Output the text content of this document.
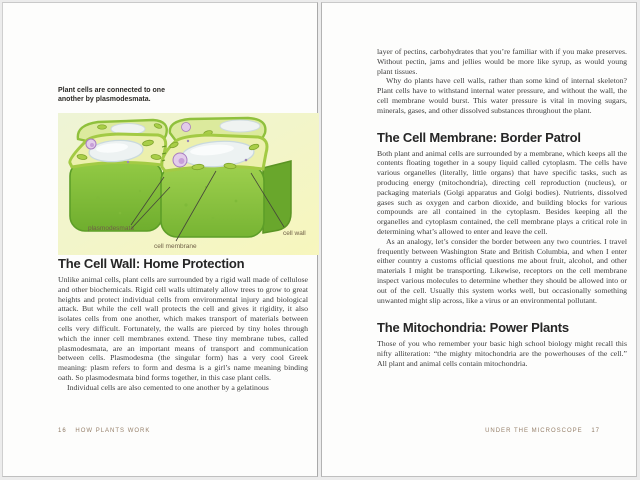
Plant cells are connected to one another by plasmodesmata.
plasmodesmata
cell membrane
cell wall
The Cell Wall: Home Protection

Unlike animal cells, plant cells are surrounded by a rigid wall made of cellulose and other biochemicals. Rigid cell walls ultimately allow trees to grow to great heights and protect individual cells from environmental injury and biological attack. But while the cell wall protects the cell and gives it rigidity, it also isolates cells from one another, which makes transport of materials between cells very difficult. Fortunately, the walls are pierced by tiny holes through which the inner cell membranes extend. These tiny membrane tubes, called plasmodesmata, are an important means of transport and communication between cells. Plasmodesma (the singular form) has a very cool Greek meaning: plasm refers to form and desma is a girl’s name meaning binding oath. So plasmodesmata bind forms together, in this case plant cells.

Individual cells are also cemented to one another by a gelatinous

16 HOW PLANTS WORK

layer of pectins, carbohydrates that you’re familiar with if you make preserves. Without pectin, jams and jellies would be more like syrup, as would young plant tissues.

Why do plants have cell walls, rather than some kind of internal skeleton? Plant cells have to withstand internal water pressure, and without the wall, the cell membrane would burst. This water pressure is vital in moving sugars, minerals, gases, and other dissolved substances throughout the plant.

The Cell Membrane: Border Patrol

Both plant and animal cells are surrounded by a membrane, which keeps all the contents floating together in a soupy liquid called cytoplasm. The cells have various organelles (literally, little organs) that have specific tasks, such as producing energy (mitochondria), directing cell reproduction (nucleus), or packaging materials (Golgi apparatus and Golgi bodies). Nutrients, dissolved gases such as oxygen and carbon dioxide, and building blocks for various compounds are all contained in the cytoplasm. Besides keeping all the organelles and cytoplasm contained, the cell membrane plays a critical role in determining what’s allowed to enter and leave the cell.

As an analogy, let’s consider the border between any two countries. I travel frequently between Washington State and British Columbia, and when I enter either country a customs official questions me about fruit, alcohol, and other materials I might be transporting. Likewise, receptors on the cell membrane inspect various molecules to determine whether they should be allowed into or out of the cell. Usually this system works well, but occasionally something unwanted might slip across, like a virus or an environmental pollutant.

The Mitochondria: Power Plants

Those of you who remember your basic high school biology might recall this nifty alliteration: “the mighty mitochondria are the powerhouses of the cell.” All plant and animal cells contain mitochondria.

UNDER THE MICROSCOPE 17
